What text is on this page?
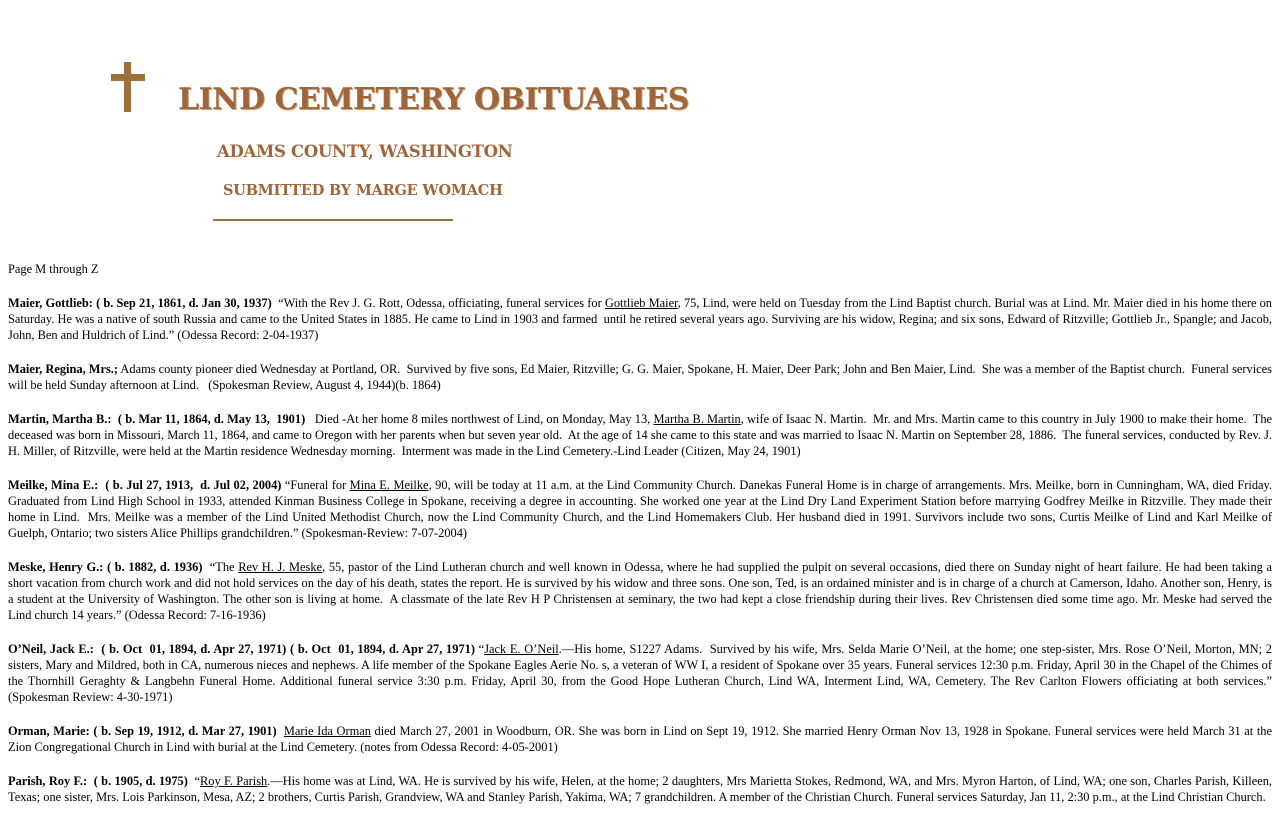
LIND CEMETERY OBITUARIES
ADAMS COUNTY, WASHINGTON
SUBMITTED BY MARGE WOMACH

Page M through Z

Maier, Gottlieb: ( b. Sep 21, 1861, d. Jan 30, 1937)  “With the Rev J. G. Rott, Odessa, officiating, funeral services for Gottlieb Maier, 75, Lind, were held on Tuesday from the Lind Baptist church. Burial was at Lind. Mr. Maier died in his home there on Saturday. He was a native of south Russia and came to the United States in 1885. He came to Lind in 1903 and farmed  until he retired several years ago. Surviving are his widow, Regina; and six sons, Edward of Ritzville; Gottlieb Jr., Spangle; and Jacob, John, Ben and Huldrich of Lind.” (Odessa Record: 2-04-1937)

Maier, Regina, Mrs.; Adams county pioneer died Wednesday at Portland, OR.  Survived by five sons, Ed Maier, Ritzville; G. G. Maier, Spokane, H. Maier, Deer Park; John and Ben Maier, Lind.  She was a member of the Baptist church.  Funeral services will be held Sunday afternoon at Lind.   (Spokesman Review, August 4, 1944)(b. 1864)

Martin, Martha B.:  ( b. Mar 11, 1864, d. May 13,  1901)   Died -At her home 8 miles northwest of Lind, on Monday, May 13, Martha B. Martin, wife of Isaac N. Martin.  Mr. and Mrs. Martin came to this country in July 1900 to make their home.  The deceased was born in Missouri, March 11, 1864, and came to Oregon with her parents when but seven year old.  At the age of 14 she came to this state and was married to Isaac N. Martin on September 28, 1886.  The funeral services, conducted by Rev. J. H. Miller, of Ritzville, were held at the Martin residence Wednesday morning.  Interment was made in the Lind Cemetery.-Lind Leader (Citizen, May 24, 1901)

Meilke, Mina E.:  ( b. Jul 27, 1913,  d. Jul 02, 2004) “Funeral for Mina E. Meilke, 90, will be today at 11 a.m. at the Lind Community Church. Danekas Funeral Home is in charge of arrangements. Mrs. Meilke, born in Cunningham, WA, died Friday. Graduated from Lind High School in 1933, attended Kinman Business College in Spokane, receiving a degree in accounting. She worked one year at the Lind Dry Land Experiment Station before marrying Godfrey Meilke in Ritzville. They made their home in Lind.  Mrs. Meilke was a member of the Lind United Methodist Church, now the Lind Community Church, and the Lind Homemakers Club. Her husband died in 1991. Survivors include two sons, Curtis Meilke of Lind and Karl Meilke of Guelph, Ontario; two sisters Alice Phillips grandchildren.” (Spokesman-Review: 7-07-2004)

Meske, Henry G.: ( b. 1882, d. 1936)  “The Rev H. J. Meske, 55, pastor of the Lind Lutheran church and well known in Odessa, where he had supplied the pulpit on several occasions, died there on Sunday night of heart failure. He had been taking a short vacation from church work and did not hold services on the day of his death, states the report. He is survived by his widow and three sons. One son, Ted, is an ordained minister and is in charge of a church at Camerson, Idaho. Another son, Henry, is a student at the University of Washington. The other son is living at home.  A classmate of the late Rev H P Christensen at seminary, the two had kept a close friendship during their lives. Rev Christensen died some time ago. Mr. Meske had served the Lind church 14 years.” (Odessa Record: 7-16-1936)

O’Neil, Jack E.:  ( b. Oct  01, 1894, d. Apr 27, 1971) ( b. Oct  01, 1894, d. Apr 27, 1971) “Jack E. O’Neil.—His home, S1227 Adams.  Survived by his wife, Mrs. Selda Marie O’Neil, at the home; one step-sister, Mrs. Rose O’Neil, Morton, MN; 2 sisters, Mary and Mildred, both in CA, numerous nieces and nephews. A life member of the Spokane Eagles Aerie No. s, a veteran of WW I, a resident of Spokane over 35 years. Funeral services 12:30 p.m. Friday, April 30 in the Chapel of the Chimes of the Thornhill Geraghty & Langbehn Funeral Home. Additional funeral service 3:30 p.m. Friday, April 30, from the Good Hope Lutheran Church, Lind WA, Interment Lind, WA, Cemetery. The Rev Carlton Flowers officiating at both services.” (Spokesman Review: 4-30-1971)

Orman, Marie: ( b. Sep 19, 1912, d. Mar 27, 1901) Marie Ida Orman died March 27, 2001 in Woodburn, OR. She was born in Lind on Sept 19, 1912. She married Henry Orman Nov 13, 1928 in Spokane. Funeral services were held March 31 at the Zion Congregational Church in Lind with burial at the Lind Cemetery. (notes from Odessa Record: 4-05-2001)

Parish, Roy F.:  ( b. 1905, d. 1975)  “Roy F. Parish.—His home was at Lind, WA. He is survived by his wife, Helen, at the home; 2 daughters, Mrs Marietta Stokes, Redmond, WA, and Mrs. Myron Harton, of Lind, WA; one son, Charles Parish, Killeen, Texas; one sister, Mrs. Lois Parkinson, Mesa, AZ; 2 brothers, Curtis Parish, Grandview, WA and Stanley Parish, Yakima, WA; 7 grandchildren. A member of the Christian Church. Funeral services Saturday, Jan 11, 2:30 p.m., at the Lind Christian Church.
